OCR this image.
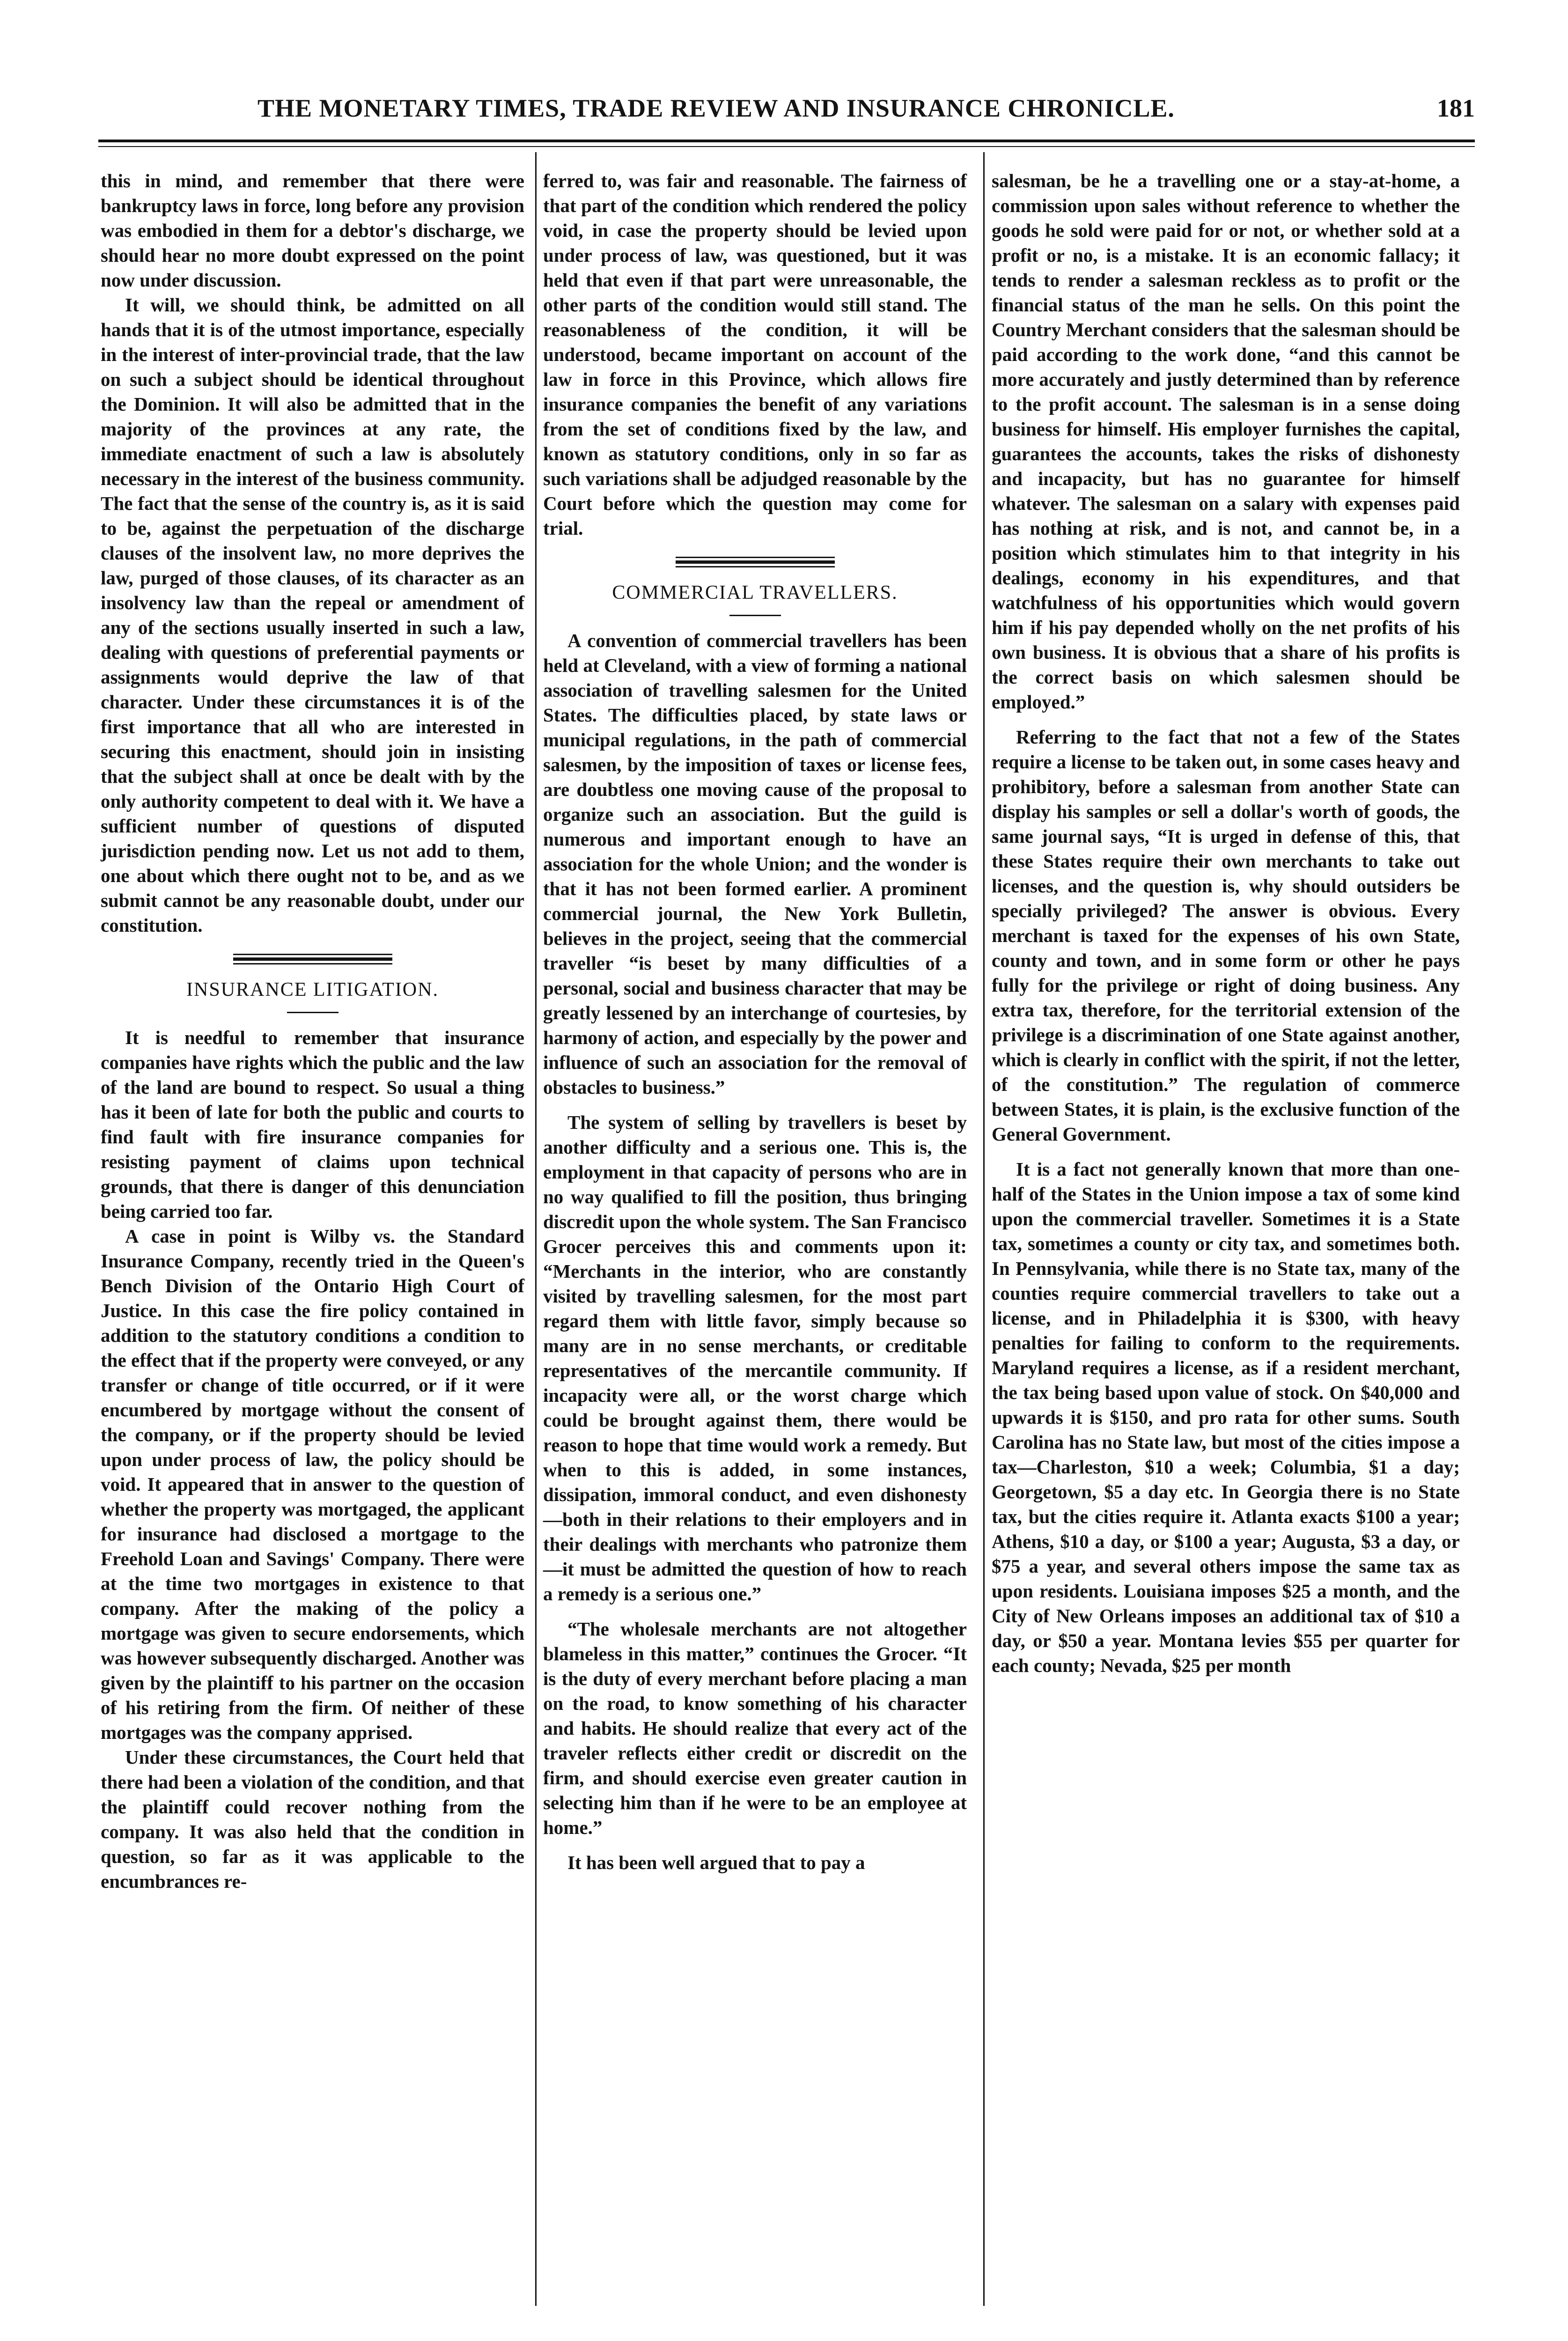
THE MONETARY TIMES, TRADE REVIEW AND INSURANCE CHRONICLE.	181

this in mind, and remember that there were bankruptcy laws in force, long before any provision was embodied in them for a debtor's discharge, we should hear no more doubt expressed on the point now under discussion.

It will, we should think, be admitted on all hands that it is of the utmost importance, especially in the interest of inter-provincial trade, that the law on such a subject should be identical throughout the Dominion. It will also be admitted that in the majority of the provinces at any rate, the immediate enactment of such a law is absolutely necessary in the interest of the business community. The fact that the sense of the country is, as it is said to be, against the perpetuation of the discharge clauses of the insolvent law, no more deprives the law, purged of those clauses, of its character as an insolvency law than the repeal or amendment of any of the sections usually inserted in such a law, dealing with questions of preferential payments or assignments would deprive the law of that character. Under these circumstances it is of the first importance that all who are interested in securing this enactment, should join in insisting that the subject shall at once be dealt with by the only authority competent to deal with it. We have a sufficient number of questions of disputed jurisdiction pending now. Let us not add to them, one about which there ought not to be, and as we submit cannot be any reasonable doubt, under our constitution.

INSURANCE LITIGATION.

It is needful to remember that insurance companies have rights which the public and the law of the land are bound to respect. So usual a thing has it been of late for both the public and courts to find fault with fire insurance companies for resisting payment of claims upon technical grounds, that there is danger of this denunciation being carried too far.

A case in point is Wilby vs. the Standard Insurance Company, recently tried in the Queen's Bench Division of the Ontario High Court of Justice. In this case the fire policy contained in addition to the statutory conditions a condition to the effect that if the property were conveyed, or any transfer or change of title occurred, or if it were encumbered by mortgage without the consent of the company, or if the property should be levied upon under process of law, the policy should be void. It appeared that in answer to the question of whether the property was mortgaged, the applicant for insurance had disclosed a mortgage to the Freehold Loan and Savings' Company. There were at the time two mortgages in existence to that company. After the making of the policy a mortgage was given to secure endorsements, which was however subsequently discharged. Another was given by the plaintiff to his partner on the occasion of his retiring from the firm. Of neither of these mortgages was the company apprised.

Under these circumstances, the Court held that there had been a violation of the condition, and that the plaintiff could recover nothing from the company. It was also held that the condition in question, so far as it was applicable to the encumbrances re-

ferred to, was fair and reasonable. The fairness of that part of the condition which rendered the policy void, in case the property should be levied upon under process of law, was questioned, but it was held that even if that part were unreasonable, the other parts of the condition would still stand. The reasonableness of the condition, it will be understood, became important on account of the law in force in this Province, which allows fire insurance companies the benefit of any variations from the set of conditions fixed by the law, and known as statutory conditions, only in so far as such variations shall be adjudged reasonable by the Court before which the question may come for trial.

COMMERCIAL TRAVELLERS.

A convention of commercial travellers has been held at Cleveland, with a view of forming a national association of travelling salesmen for the United States. The difficulties placed, by state laws or municipal regulations, in the path of commercial salesmen, by the imposition of taxes or license fees, are doubtless one moving cause of the proposal to organize such an association. But the guild is numerous and important enough to have an association for the whole Union; and the wonder is that it has not been formed earlier. A prominent commercial journal, the New York Bulletin, believes in the project, seeing that the commercial traveller “is beset by many difficulties of a personal, social and business character that may be greatly lessened by an interchange of courtesies, by harmony of action, and especially by the power and influence of such an association for the removal of obstacles to business.”

The system of selling by travellers is beset by another difficulty and a serious one. This is, the employment in that capacity of persons who are in no way qualified to fill the position, thus bringing discredit upon the whole system. The San Francisco Grocer perceives this and comments upon it: “Merchants in the interior, who are constantly visited by travelling salesmen, for the most part regard them with little favor, simply because so many are in no sense merchants, or creditable representatives of the mercantile community. If incapacity were all, or the worst charge which could be brought against them, there would be reason to hope that time would work a remedy. But when to this is added, in some instances, dissipation, immoral conduct, and even dishonesty—both in their relations to their employers and in their dealings with merchants who patronize them—it must be admitted the question of how to reach a remedy is a serious one.”

“The wholesale merchants are not altogether blameless in this matter,” continues the Grocer. “It is the duty of every merchant before placing a man on the road, to know something of his character and habits. He should realize that every act of the traveler reflects either credit or discredit on the firm, and should exercise even greater caution in selecting him than if he were to be an employee at home.”

It has been well argued that to pay a

salesman, be he a travelling one or a stay-at-home, a commission upon sales without reference to whether the goods he sold were paid for or not, or whether sold at a profit or no, is a mistake. It is an economic fallacy; it tends to render a salesman reckless as to profit or the financial status of the man he sells. On this point the Country Merchant considers that the salesman should be paid according to the work done, “and this cannot be more accurately and justly determined than by reference to the profit account. The salesman is in a sense doing business for himself. His employer furnishes the capital, guarantees the accounts, takes the risks of dishonesty and incapacity, but has no guarantee for himself whatever. The salesman on a salary with expenses paid has nothing at risk, and is not, and cannot be, in a position which stimulates him to that integrity in his dealings, economy in his expenditures, and that watchfulness of his opportunities which would govern him if his pay depended wholly on the net profits of his own business. It is obvious that a share of his profits is the correct basis on which salesmen should be employed.”

Referring to the fact that not a few of the States require a license to be taken out, in some cases heavy and prohibitory, before a salesman from another State can display his samples or sell a dollar's worth of goods, the same journal says, “It is urged in defense of this, that these States require their own merchants to take out licenses, and the question is, why should outsiders be specially privileged? The answer is obvious. Every merchant is taxed for the expenses of his own State, county and town, and in some form or other he pays fully for the privilege or right of doing business. Any extra tax, therefore, for the territorial extension of the privilege is a discrimination of one State against another, which is clearly in conflict with the spirit, if not the letter, of the constitution.” The regulation of commerce between States, it is plain, is the exclusive function of the General Government.

It is a fact not generally known that more than one-half of the States in the Union impose a tax of some kind upon the commercial traveller. Sometimes it is a State tax, sometimes a county or city tax, and sometimes both. In Pennsylvania, while there is no State tax, many of the counties require commercial travellers to take out a license, and in Philadelphia it is $300, with heavy penalties for failing to conform to the requirements. Maryland requires a license, as if a resident merchant, the tax being based upon value of stock. On $40,000 and upwards it is $150, and pro rata for other sums. South Carolina has no State law, but most of the cities impose a tax—Charleston, $10 a week; Columbia, $1 a day; Georgetown, $5 a day etc. In Georgia there is no State tax, but the cities require it. Atlanta exacts $100 a year; Athens, $10 a day, or $100 a year; Augusta, $3 a day, or $75 a year, and several others impose the same tax as upon residents. Louisiana imposes $25 a month, and the City of New Orleans imposes an additional tax of $10 a day, or $50 a year. Montana levies $55 per quarter for each county; Nevada, $25 per month
